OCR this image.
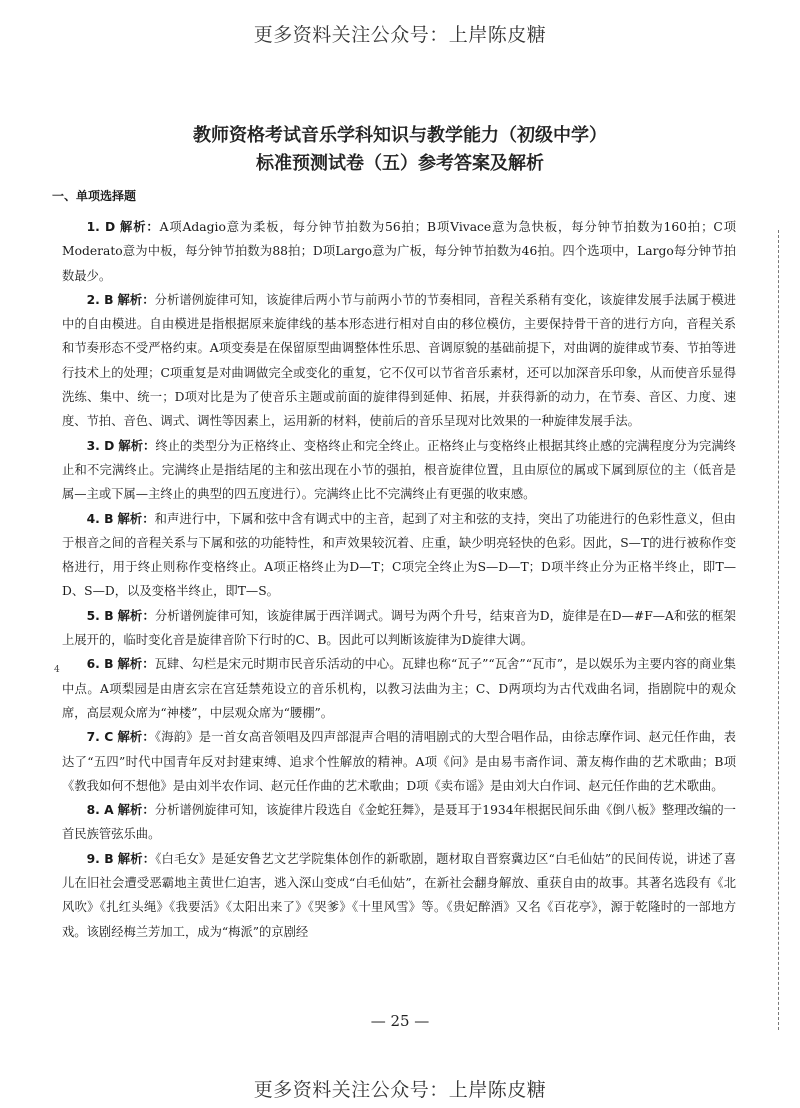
更多资料关注公众号：上岸陈皮糖
教师资格考试音乐学科知识与教学能力（初级中学）
标准预测试卷（五）参考答案及解析
一、单项选择题

1. D 解析：A项Adagio意为柔板，每分钟节拍数为56拍；B项Vivace意为急快板，每分钟节拍数为160拍；C项Moderato意为中板，每分钟节拍数为88拍；D项Largo意为广板，每分钟节拍数为46拍。四个选项中，Largo每分钟节拍数最少。

2. B 解析：分析谱例旋律可知，该旋律后两小节与前两小节的节奏相同，音程关系稍有变化，该旋律发展手法属于模进中的自由模进。自由模进是指根据原来旋律线的基本形态进行相对自由的移位模仿，主要保持骨干音的进行方向，音程关系和节奏形态不受严格约束。A项变奏是在保留原型曲调整体性乐思、音调原貌的基础前提下，对曲调的旋律或节奏、节拍等进行技术上的处理；C项重复是对曲调做完全或变化的重复，它不仅可以节省音乐素材，还可以加深音乐印象，从而使音乐显得洗练、集中、统一；D项对比是为了使音乐主题或前面的旋律得到延伸、拓展，并获得新的动力，在节奏、音区、力度、速度、节拍、音色、调式、调性等因素上，运用新的材料，使前后的音乐呈现对比效果的一种旋律发展手法。

3. D 解析：终止的类型分为正格终止、变格终止和完全终止。正格终止与变格终止根据其终止感的完满程度分为完满终止和不完满终止。完满终止是指结尾的主和弦出现在小节的强拍，根音旋律位置，且由原位的属或下属到原位的主（低音是属—主或下属—主终止的典型的四五度进行）。完满终止比不完满终止有更强的收束感。

4. B 解析：和声进行中，下属和弦中含有调式中的主音，起到了对主和弦的支持，突出了功能进行的色彩性意义，但由于根音之间的音程关系与下属和弦的功能特性，和声效果较沉着、庄重，缺少明亮轻快的色彩。因此，S—T的进行被称作变格进行，用于终止则称作变格终止。A项正格终止为D—T；C项完全终止为S—D—T；D项半终止分为正格半终止，即T—D、S—D，以及变格半终止，即T—S。

5. B 解析：分析谱例旋律可知，该旋律属于西洋调式。调号为两个升号，结束音为D，旋律是在D—#F—A和弦的框架上展开的，临时变化音是旋律音阶下行时的C、B。因此可以判断该旋律为D旋律大调。

6. B 解析：瓦肆、勾栏是宋元时期市民音乐活动的中心。瓦肆也称“瓦子”“瓦舍”“瓦市”，是以娱乐为主要内容的商业集中点。A项梨园是由唐玄宗在宫廷禁苑设立的音乐机构，以教习法曲为主；C、D两项均为古代戏曲名词，指剧院中的观众席，高层观众席为“神楼”，中层观众席为“腰棚”。

7. C 解析：《海韵》是一首女高音领唱及四声部混声合唱的清唱剧式的大型合唱作品，由徐志摩作词、赵元任作曲，表达了“五四”时代中国青年反对封建束缚、追求个性解放的精神。A项《问》是由易韦斋作词、萧友梅作曲的艺术歌曲；B项《教我如何不想他》是由刘半农作词、赵元任作曲的艺术歌曲；D项《卖布谣》是由刘大白作词、赵元任作曲的艺术歌曲。

8. A 解析：分析谱例旋律可知，该旋律片段选自《金蛇狂舞》，是聂耳于1934年根据民间乐曲《倒八板》整理改编的一首民族管弦乐曲。

9. B 解析：《白毛女》是延安鲁艺文艺学院集体创作的新歌剧，题材取自晋察冀边区“白毛仙姑”的民间传说，讲述了喜儿在旧社会遭受恶霸地主黄世仁迫害，逃入深山变成“白毛仙姑”，在新社会翻身解放、重获自由的故事。其著名选段有《北风吹》《扎红头绳》《我要活》《太阳出来了》《哭爹》《十里风雪》等。《贵妃醉酒》又名《百花亭》，源于乾隆时的一部地方戏。该剧经梅兰芳加工，成为“梅派”的京剧经

4
— 25 —
更多资料关注公众号：上岸陈皮糖
